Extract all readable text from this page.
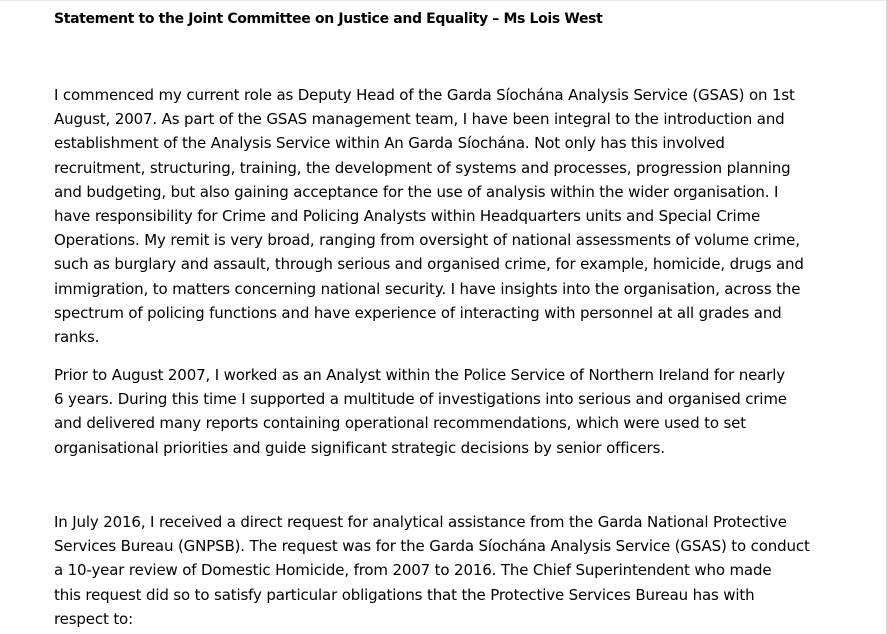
Statement to the Joint Committee on Justice and Equality – Ms Lois West
I commenced my current role as Deputy Head of the Garda Síochána Analysis Service (GSAS) on 1st
August, 2007. As part of the GSAS management team, I have been integral to the introduction and
establishment of the Analysis Service within An Garda Síochána. Not only has this involved
recruitment, structuring, training, the development of systems and processes, progression planning
and budgeting, but also gaining acceptance for the use of analysis within the wider organisation. I
have responsibility for Crime and Policing Analysts within Headquarters units and Special Crime
Operations. My remit is very broad, ranging from oversight of national assessments of volume crime,
such as burglary and assault, through serious and organised crime, for example, homicide, drugs and
immigration, to matters concerning national security. I have insights into the organisation, across the
spectrum of policing functions and have experience of interacting with personnel at all grades and
ranks.
Prior to August 2007, I worked as an Analyst within the Police Service of Northern Ireland for nearly
6 years. During this time I supported a multitude of investigations into serious and organised crime
and delivered many reports containing operational recommendations, which were used to set
organisational priorities and guide significant strategic decisions by senior officers.
In July 2016, I received a direct request for analytical assistance from the Garda National Protective
Services Bureau (GNPSB). The request was for the Garda Síochána Analysis Service (GSAS) to conduct
a 10-year review of Domestic Homicide, from 2007 to 2016. The Chief Superintendent who made
this request did so to satisfy particular obligations that the Protective Services Bureau has with
respect to:
